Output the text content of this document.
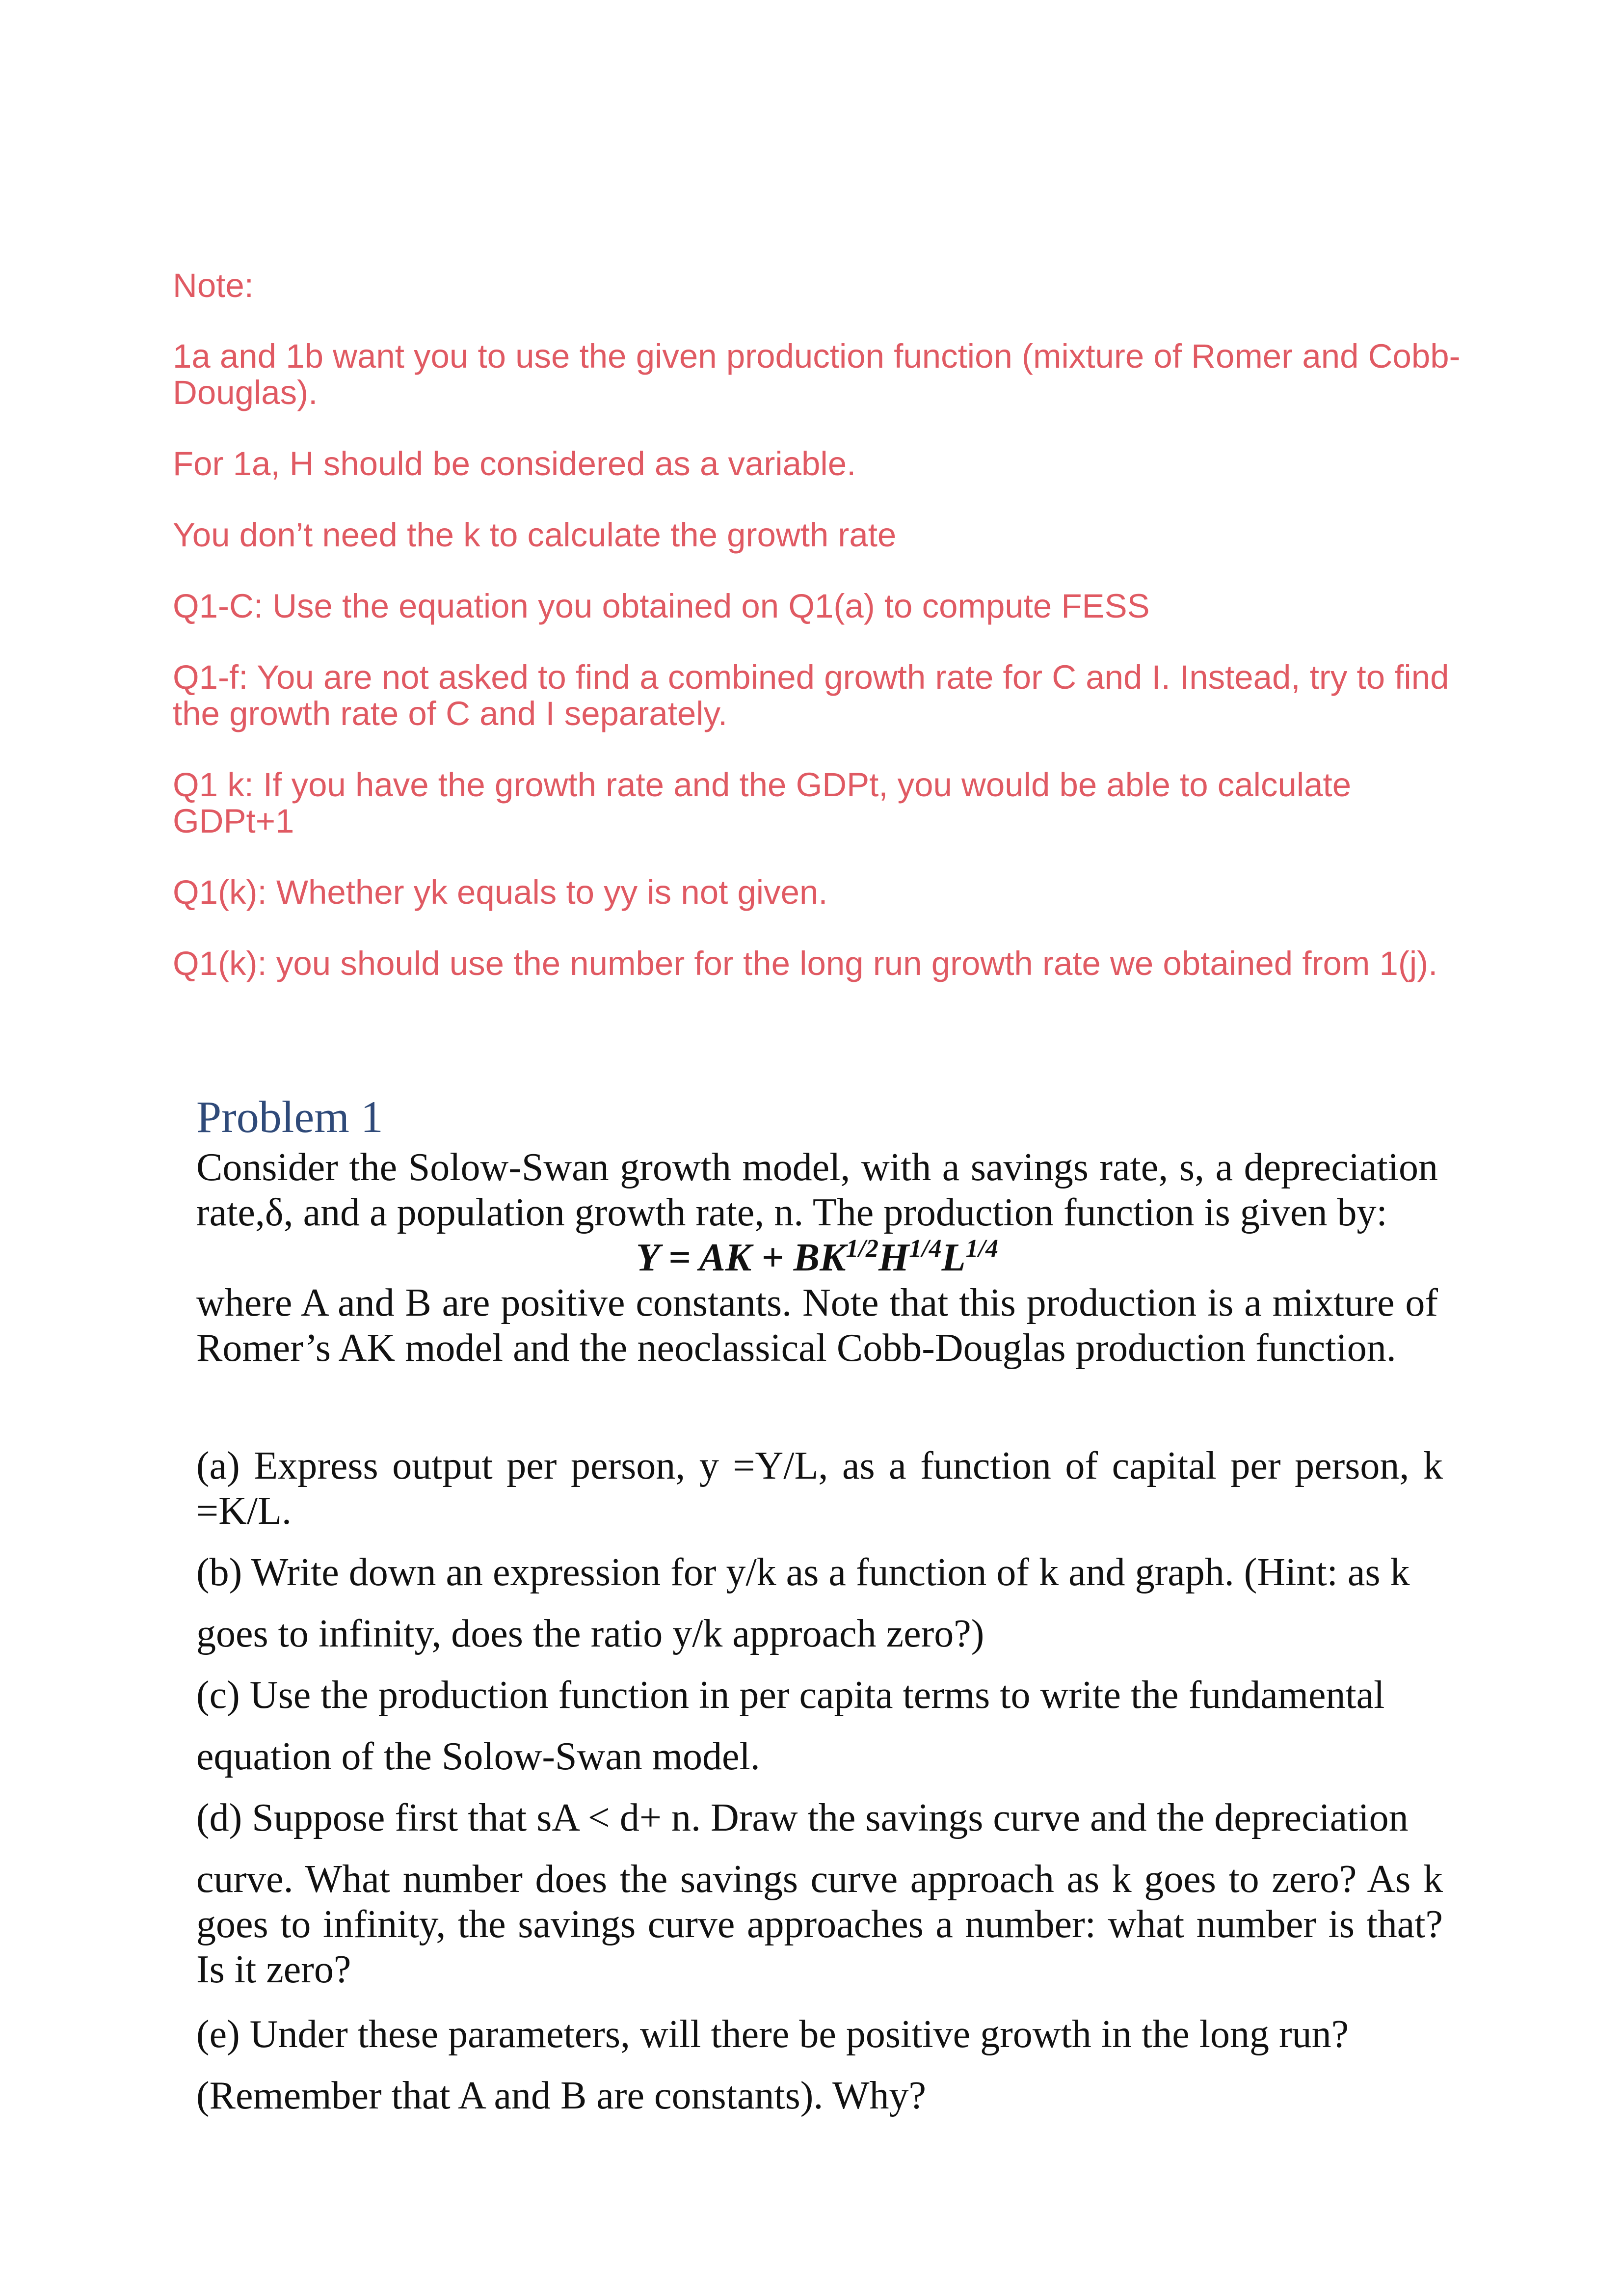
Note:

1a and 1b want you to use the given production function (mixture of Romer and Cobb-Douglas).

For 1a, H should be considered as a variable.

You don’t need the k to calculate the growth rate

Q1-C: Use the equation you obtained on Q1(a) to compute FESS

Q1-f: You are not asked to find a combined growth rate for C and I. Instead, try to find the growth rate of C and I separately.

Q1 k: If you have the growth rate and the GDPt, you would be able to calculate GDPt+1

Q1(k): Whether yk equals to yy is not given.

Q1(k): you should use the number for the long run growth rate we obtained from 1(j).

Problem 1

Consider the Solow-Swan growth model, with a savings rate, s, a depreciation rate,δ, and a population growth rate, n. The production function is given by:

Y = AK + $BK^{1/2}H^{1/4}L^{1/4}$

where A and B are positive constants. Note that this production is a mixture of Romer’s AK model and the neoclassical Cobb-Douglas production function.

(a) Express output per person, y =Y/L, as a function of capital per person, k =K/L.

(b) Write down an expression for y/k as a function of k and graph. (Hint: as k

goes to infinity, does the ratio y/k approach zero?)

(c) Use the production function in per capita terms to write the fundamental

equation of the Solow-Swan model.

(d) Suppose first that sA < d+ n. Draw the savings curve and the depreciation

curve. What number does the savings curve approach as k goes to zero? As k goes to infinity, the savings curve approaches a number: what number is that? Is it zero?

(e) Under these parameters, will there be positive growth in the long run?

(Remember that A and B are constants). Why?
